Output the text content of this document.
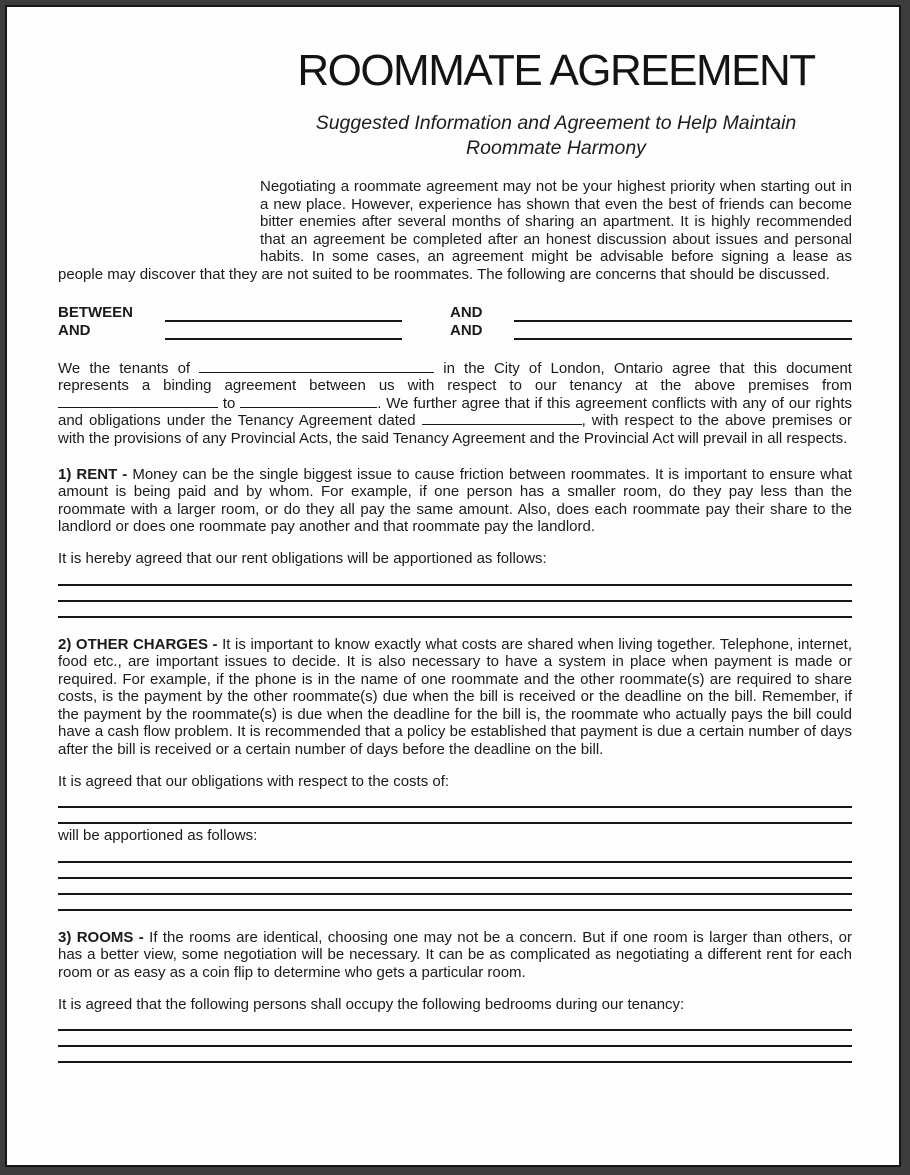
ROOMMATE AGREEMENT
Suggested Information and Agreement to Help Maintain
Roommate Harmony

Negotiating a roommate agreement may not be your highest priority when starting out in a new place. However, experience has shown that even the best of friends can become bitter enemies after several months of sharing an apartment. It is highly recommended that an agreement be completed after an honest discussion about issues and personal habits. In some cases, an agreement might be advisable before signing a lease as people may discover that they are not suited to be roommates. The following are concerns that should be discussed.

BETWEEN	AND
AND	AND

We the tenants of	in the City of London, Ontario agree that this document represents a binding agreement between us with respect to our tenancy at the above premises from  to	. We further agree that if this agreement conflicts with any of our rights and obligations under the Tenancy Agreement dated	, with respect to the above premises or with the provisions of any Provincial Acts, the said Tenancy Agreement and the Provincial Act will prevail in all respects.

1) RENT - Money can be the single biggest issue to cause friction between roommates. It is important to ensure what amount is being paid and by whom. For example, if one person has a smaller room, do they pay less than the roommate with a larger room, or do they all pay the same amount. Also, does each roommate pay their share to the landlord or does one roommate pay another and that roommate pay the landlord.

It is hereby agreed that our rent obligations will be apportioned as follows:

2) OTHER CHARGES - It is important to know exactly what costs are shared when living together. Telephone, internet, food etc., are important issues to decide. It is also necessary to have a system in place when payment is made or required. For example, if the phone is in the name of one roommate and the other roommate(s) are required to share costs, is the payment by the other roommate(s) due when the bill is received or the deadline on the bill. Remember, if the payment by the roommate(s) is due when the deadline for the bill is, the roommate who actually pays the bill could have a cash flow problem. It is recommended that a policy be established that payment is due a certain number of days after the bill is received or a certain number of days before the deadline on the bill.

It is agreed that our obligations with respect to the costs of:

will be apportioned as follows:

3) ROOMS - If the rooms are identical, choosing one may not be a concern. But if one room is larger than others, or has a better view, some negotiation will be necessary. It can be as complicated as negotiating a different rent for each room or as easy as a coin flip to determine who gets a particular room.

It is agreed that the following persons shall occupy the following bedrooms during our tenancy:
